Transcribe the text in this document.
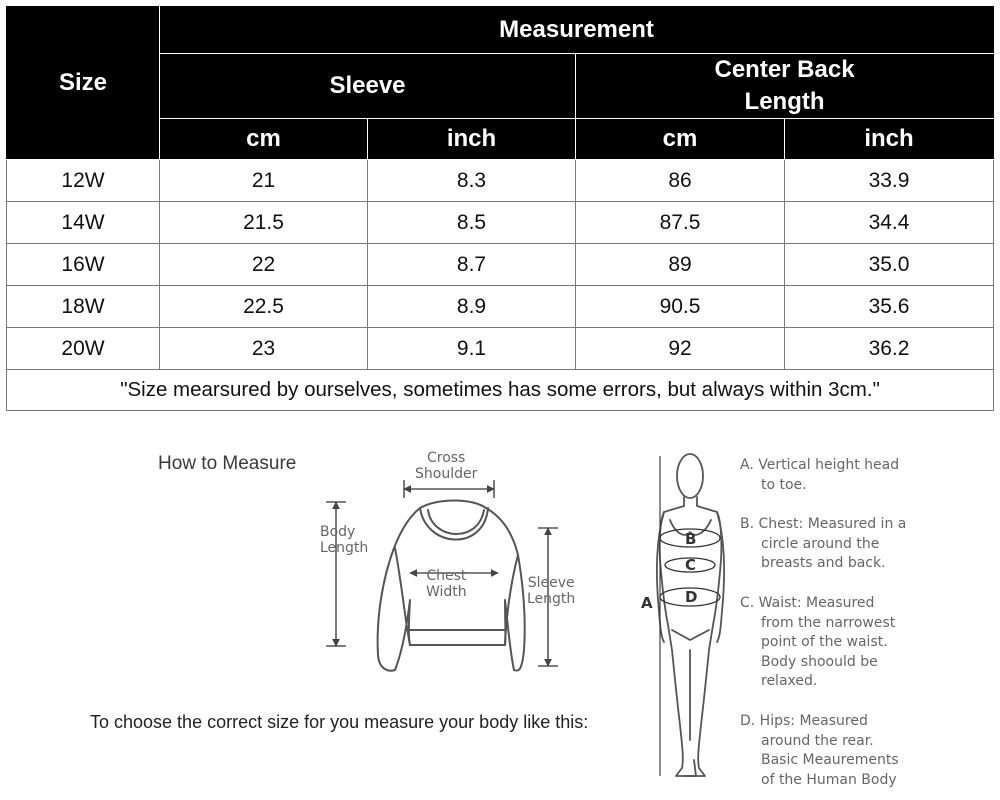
Size	Measurement			
	Sleeve		Center Back
Length	
	cm	inch	cm	inch
12W	21	8.3	86	33.9
14W	21.5	8.5	87.5	34.4
16W	22	8.7	89	35.0
18W	22.5	8.9	90.5	35.6
20W	23	9.1	92	36.2
"Size mearsured by ourselves, sometimes has some errors, but always within 3cm."				
How to Measure	Cross
Shoulder
Body
Length
Chest
Width
Sleeve
Length
To choose the correct size for you measure your body like this:
A
B
C
D
A. Vertical height head
to toe.
B. Chest: Measured in a
circle around the
breasts and back.
C. Waist: Measured
from the narrowest
point of the waist.
Body shoould be
relaxed.
D. Hips: Measured
around the rear.
Basic Meaurements
of the Human Body
